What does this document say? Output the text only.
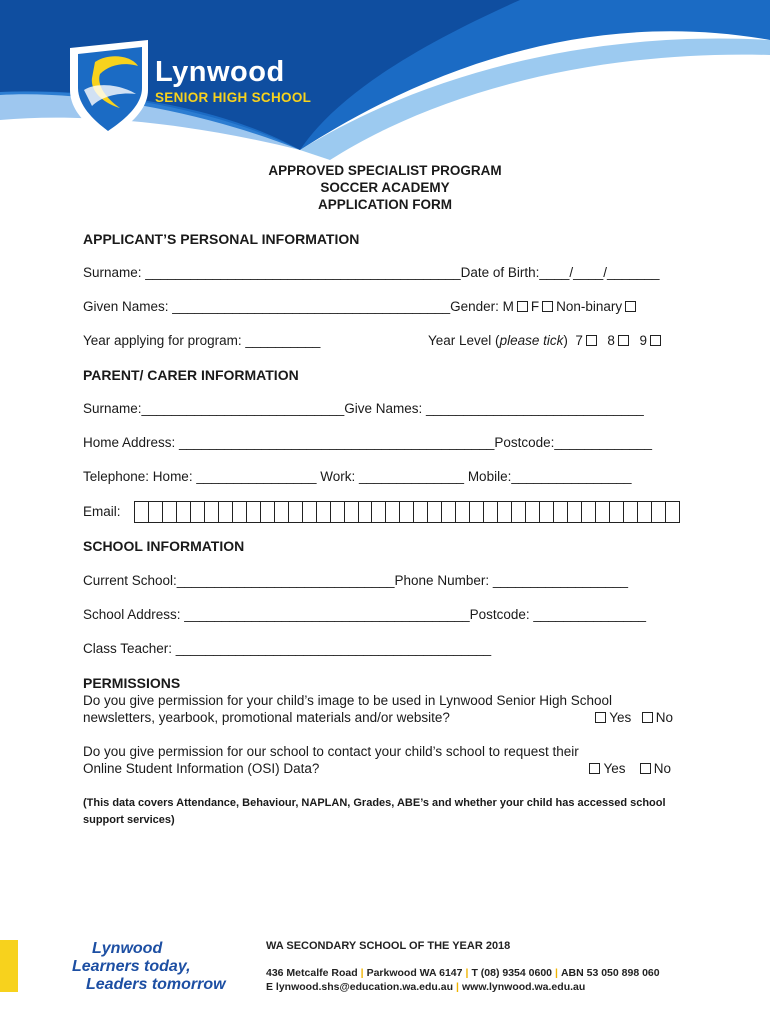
Lynwood
SENIOR HIGH SCHOOL
APPROVED SPECIALIST PROGRAM
SOCCER ACADEMY
APPLICATION FORM
APPLICANT’S PERSONAL INFORMATION
Surname: __________________________________________Date of Birth:____/____/_______
Given Names: _____________________________________Gender: M F Non-binary
Year applying for program: __________	Year Level (please tick) 7 8 9
PARENT/ CARER INFORMATION
Surname:___________________________Give Names: _____________________________
Home Address: __________________________________________Postcode:_____________
Telephone: Home: ________________ Work: ______________ Mobile:________________
Email:
SCHOOL INFORMATION
Current School:_____________________________Phone Number: __________________
School Address: ______________________________________Postcode: _______________
Class Teacher: __________________________________________
PERMISSIONS
Do you give permission for your child’s image to be used in Lynwood Senior High School
newsletters, yearbook, promotional materials and/or website?	Yes No
Do you give permission for our school to contact your child’s school to request their
Online Student Information (OSI) Data?	Yes No
(This data covers Attendance, Behaviour, NAPLAN, Grades, ABE’s and whether your child has accessed school support services)
Lynwood
Learners today,
Leaders tomorrow
WA SECONDARY SCHOOL OF THE YEAR 2018
436 Metcalfe Road | Parkwood WA 6147 | T (08) 9354 0600 | ABN 53 050 898 060
E lynwood.shs@education.wa.edu.au | www.lynwood.wa.edu.au
